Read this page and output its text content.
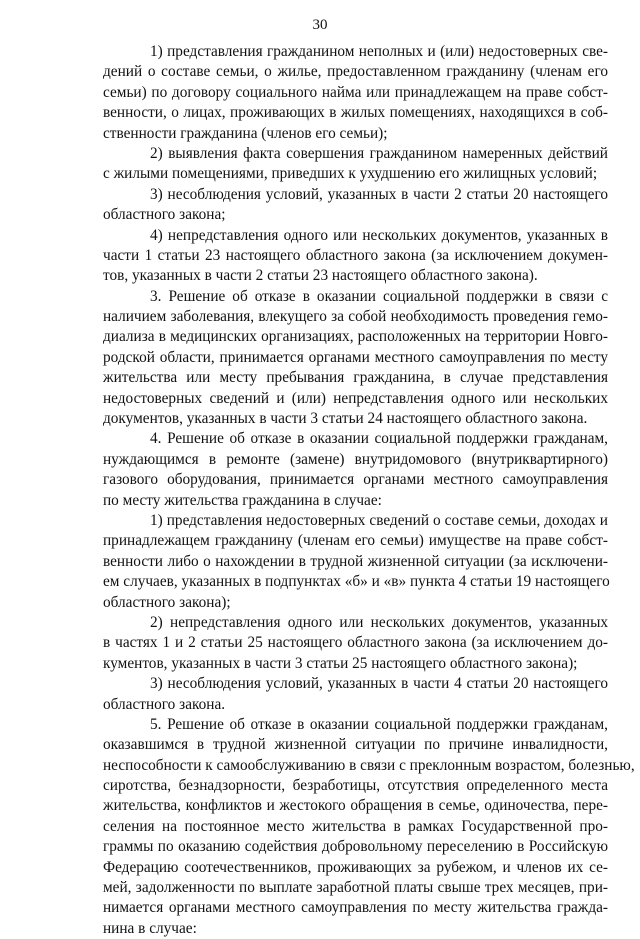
30
1) представления гражданином неполных и (или) недостоверных све-
дений о составе семьи, о жилье, предоставленном гражданину (членам его
семьи) по договору социального найма или принадлежащем на праве собст-
венности, о лицах, проживающих в жилых помещениях, находящихся в соб-
ственности гражданина (членов его семьи);
2) выявления факта совершения гражданином намеренных действий
с жилыми помещениями, приведших к ухудшению его жилищных условий;
3) несоблюдения условий, указанных в части 2 статьи 20 настоящего
областного закона;
4) непредставления одного или нескольких документов, указанных в
части 1 статьи 23 настоящего областного закона (за исключением докумен-
тов, указанных в части 2 статьи 23 настоящего областного закона).
3. Решение об отказе в оказании социальной поддержки в связи с
наличием заболевания, влекущего за собой необходимость проведения гемо-
диализа в медицинских организациях, расположенных на территории Новго-
родской области, принимается органами местного самоуправления по месту
жительства или месту пребывания гражданина, в случае представления
недостоверных сведений и (или) непредставления одного или нескольких
документов, указанных в части 3 статьи 24 настоящего областного закона.
4. Решение об отказе в оказании социальной поддержки гражданам,
нуждающимся в ремонте (замене) внутридомового (внутриквартирного)
газового оборудования, принимается органами местного самоуправления
по месту жительства гражданина в случае:
1) представления недостоверных сведений о составе семьи, доходах и
принадлежащем гражданину (членам его семьи) имуществе на праве собст-
венности либо о нахождении в трудной жизненной ситуации (за исключени-
ем случаев, указанных в подпунктах «б» и «в» пункта 4 статьи 19 настоящего
областного закона);
2) непредставления одного или нескольких документов, указанных
в частях 1 и 2 статьи 25 настоящего областного закона (за исключением до-
кументов, указанных в части 3 статьи 25 настоящего областного закона);
3) несоблюдения условий, указанных в части 4 статьи 20 настоящего
областного закона.
5. Решение об отказе в оказании социальной поддержки гражданам,
оказавшимся в трудной жизненной ситуации по причине инвалидности,
неспособности к самообслуживанию в связи с преклонным возрастом, болезнью,
сиротства, безнадзорности, безработицы, отсутствия определенного места
жительства, конфликтов и жестокого обращения в семье, одиночества, пере-
селения на постоянное место жительства в рамках Государственной про-
граммы по оказанию содействия добровольному переселению в Российскую
Федерацию соотечественников, проживающих за рубежом, и членов их се-
мей, задолженности по выплате заработной платы свыше трех месяцев, при-
нимается органами местного самоуправления по месту жительства гражда-
нина в случае:
